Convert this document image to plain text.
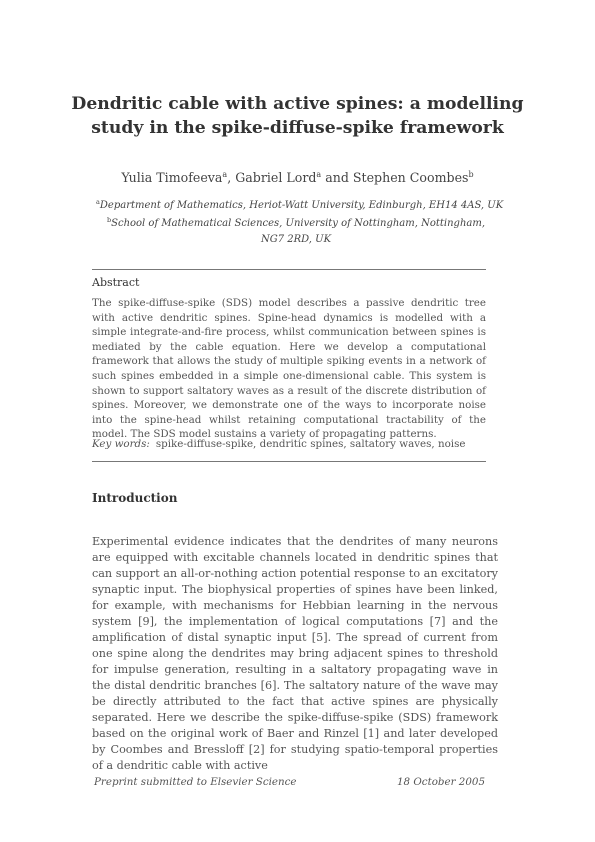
Dendritic cable with active spines: a modelling study in the spike-diffuse-spike framework
Yulia Timofeeva$^a$, Gabriel Lord$^a$ and Stephen Coombes$^b$
$^a$Department of Mathematics, Heriot-Watt University, Edinburgh, EH14 4AS, UK
$^b$School of Mathematical Sciences, University of Nottingham, Nottingham, NG7 2RD, UK
Abstract
The spike-diffuse-spike (SDS) model describes a passive dendritic tree with active dendritic spines. Spine-head dynamics is modelled with a simple integrate-and-fire process, whilst communication between spines is mediated by the cable equation. Here we develop a computational framework that allows the study of multiple spiking events in a network of such spines embedded in a simple one-dimensional cable. This system is shown to support saltatory waves as a result of the discrete distribution of spines. Moreover, we demonstrate one of the ways to incorporate noise into the spine-head whilst retaining computational tractability of the model. The SDS model sustains a variety of propagating patterns.
Key words: spike-diffuse-spike, dendritic spines, saltatory waves, noise
Introduction
Experimental evidence indicates that the dendrites of many neurons are equipped with excitable channels located in dendritic spines that can support an all-or-nothing action potential response to an excitatory synaptic input. The biophysical properties of spines have been linked, for example, with mechanisms for Hebbian learning in the nervous system [9], the implementation of logical computations [7] and the amplification of distal synaptic input [5]. The spread of current from one spine along the dendrites may bring adjacent spines to threshold for impulse generation, resulting in a saltatory propagating wave in the distal dendritic branches [6]. The saltatory nature of the wave may be directly attributed to the fact that active spines are physically separated. Here we describe the spike-diffuse-spike (SDS) framework based on the original work of Baer and Rinzel [1] and later developed by Coombes and Bressloff [2] for studying spatio-temporal properties of a dendritic cable with active
Preprint submitted to Elsevier Science	18 October 2005
